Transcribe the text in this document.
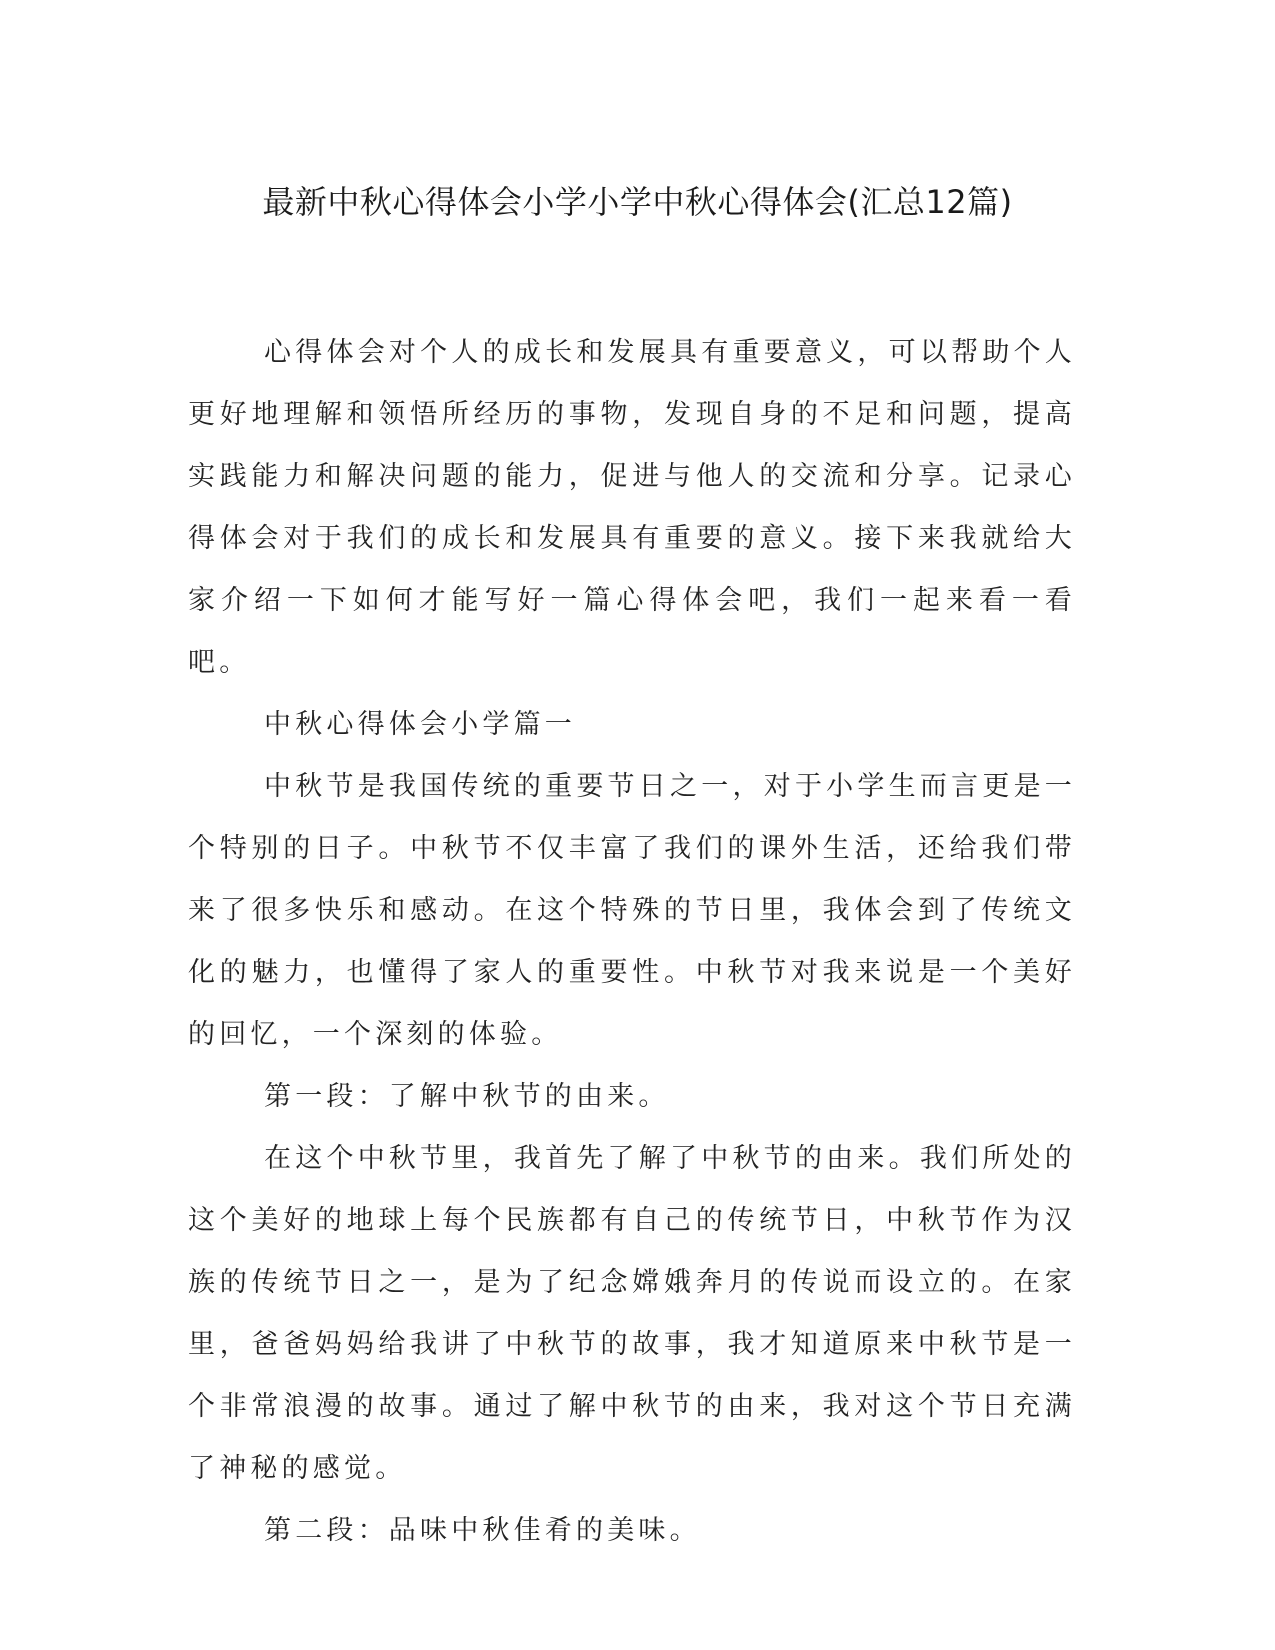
最新中秋心得体会小学小学中秋心得体会(汇总12篇)

心得体会对个人的成长和发展具有重要意义，可以帮助个人更好地理解和领悟所经历的事物，发现自身的不足和问题，提高实践能力和解决问题的能力，促进与他人的交流和分享。记录心得体会对于我们的成长和发展具有重要的意义。接下来我就给大家介绍一下如何才能写好一篇心得体会吧，我们一起来看一看吧。

中秋心得体会小学篇一

中秋节是我国传统的重要节日之一，对于小学生而言更是一个特别的日子。中秋节不仅丰富了我们的课外生活，还给我们带来了很多快乐和感动。在这个特殊的节日里，我体会到了传统文化的魅力，也懂得了家人的重要性。中秋节对我来说是一个美好的回忆，一个深刻的体验。

第一段：了解中秋节的由来。

在这个中秋节里，我首先了解了中秋节的由来。我们所处的这个美好的地球上每个民族都有自己的传统节日，中秋节作为汉族的传统节日之一，是为了纪念嫦娥奔月的传说而设立的。在家里，爸爸妈妈给我讲了中秋节的故事，我才知道原来中秋节是一个非常浪漫的故事。通过了解中秋节的由来，我对这个节日充满了神秘的感觉。

第二段：品味中秋佳肴的美味。
